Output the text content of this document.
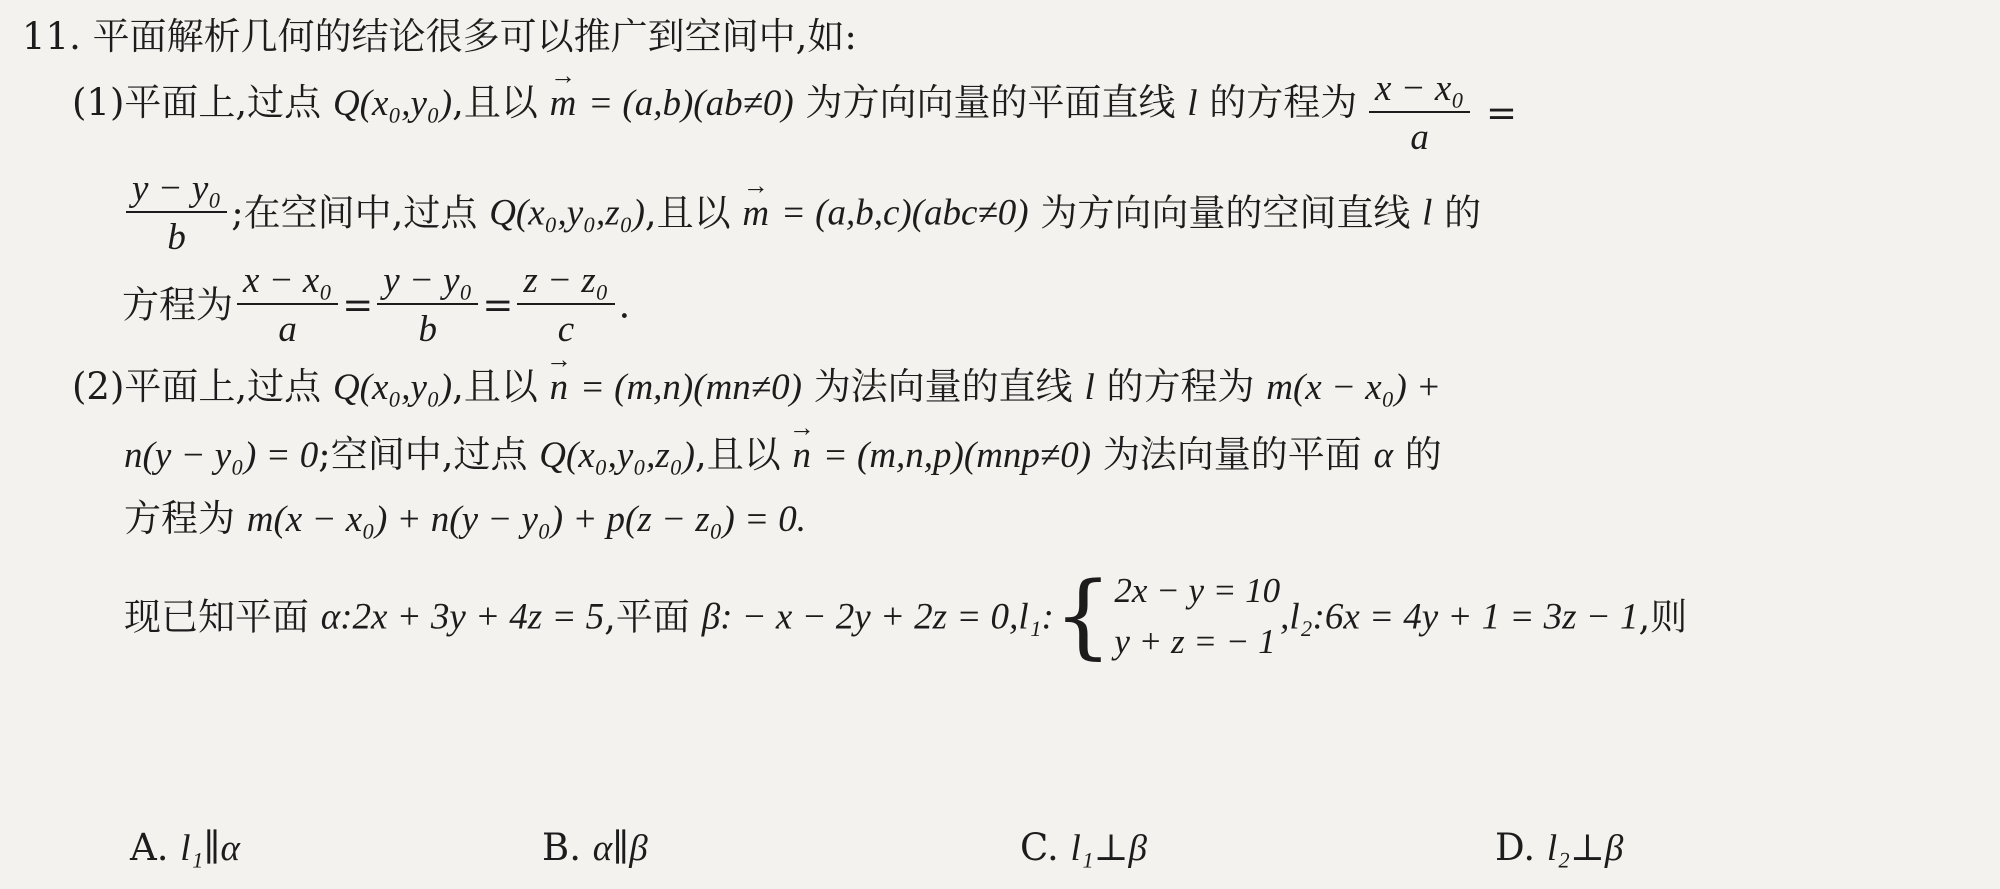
11. 平面解析几何的结论很多可以推广到空间中,如:
(1)平面上,过点 Q(x₀,y₀),且以 → m = (a,b)(ab≠0) 为方向向量的平面直线 l 的方程为 $\frac{\text{x − x₀}}{a}$ =
$\frac{\text{y − y₀}}{b}$ ;在空间中,过点 Q(x₀,y₀,z₀),且以 → m = (a,b,c)(abc≠0) 为方向向量的空间直线 l 的
方程为 $\frac{\text{x − x₀}}{a} = \frac{\text{y − y₀}}{b} = \frac{\text{z − z₀}}{c}$ .
(2)平面上,过点 Q(x₀,y₀),且以 → n = (m,n)(mn≠0) 为法向量的直线 l 的方程为 m(x − x₀) +
n(y − y₀) = 0;空间中,过点 Q(x₀,y₀,z₀),且以 → n = (m,n,p)(mnp≠0) 为法向量的平面 α 的
方程为 m(x − x₀) + n(y − y₀) + p(z − z₀) = 0.
现已知平面 α:2x + 3y + 4z = 5,平面 β: − x − 2y + 2z = 0,l₁: { 2x − y = 10
y + z = − 1
,l₂:6x = 4y + 1 = 3z − 1,则
A. l₁∥α	B. α∥β	C. l₁⊥β	D. l₂⊥β
